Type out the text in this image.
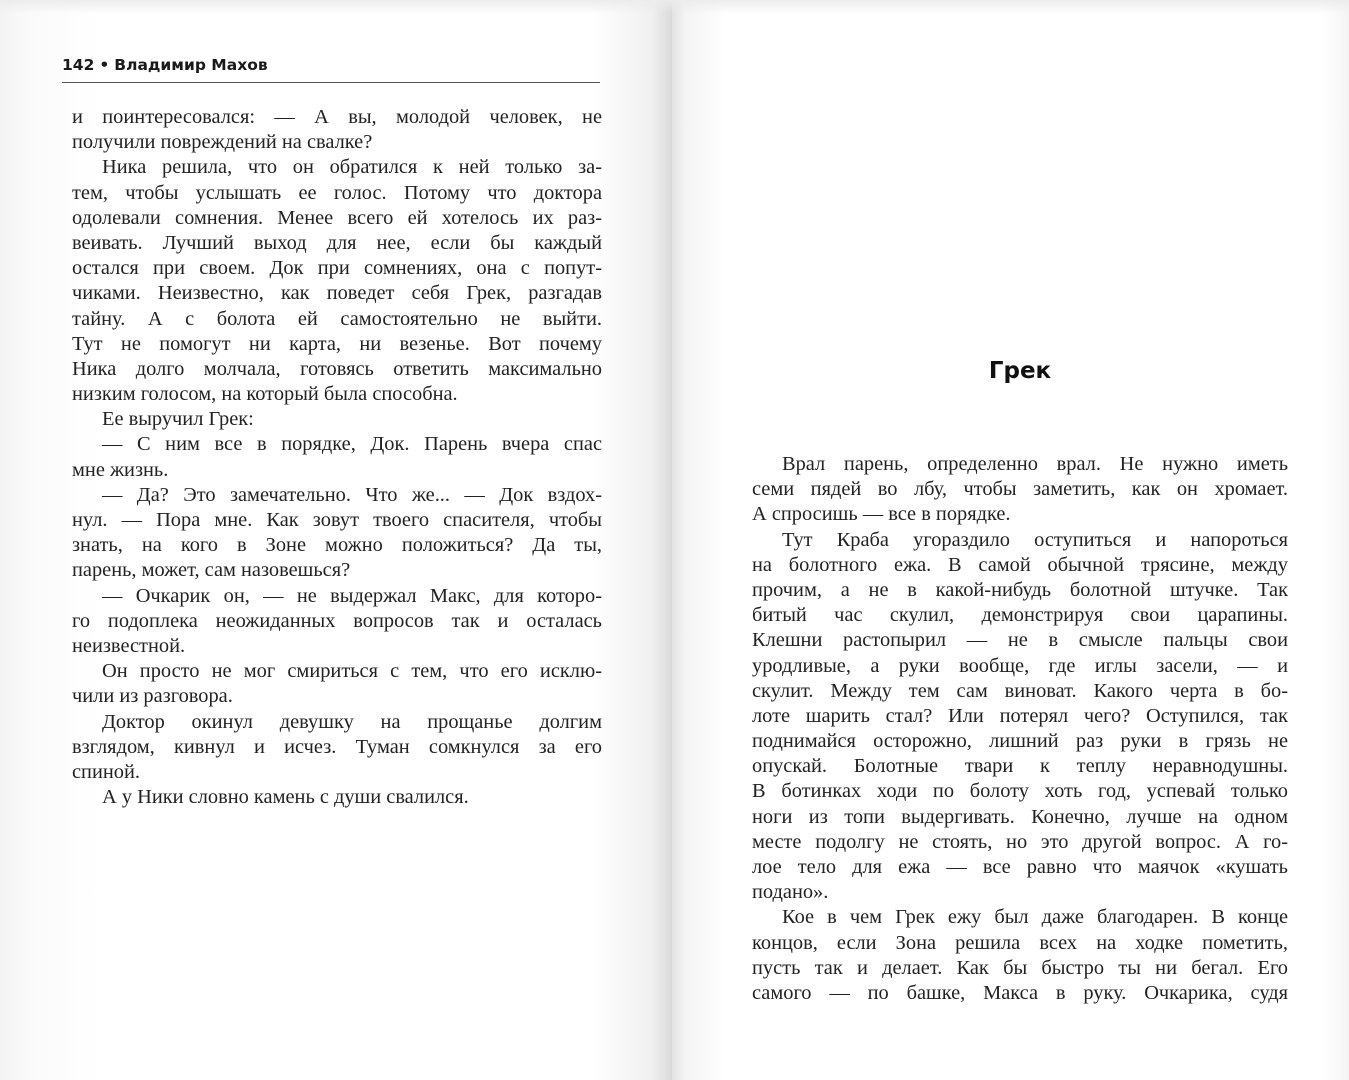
142 • Владимир Махов
и поинтересовался: — А вы, молодой человек, не
получили повреждений на свалке?
Ника решила, что он обратился к ней только за-
тем, чтобы услышать ее голос. Потому что доктора
одолевали сомнения. Менее всего ей хотелось их раз-
веивать. Лучший выход для нее, если бы каждый
остался при своем. Док при сомнениях, она с попут-
чиками. Неизвестно, как поведет себя Грек, разгадав
тайну. А с болота ей самостоятельно не выйти.
Тут не помогут ни карта, ни везенье. Вот почему
Ника долго молчала, готовясь ответить максимально
низким голосом, на который была способна.
Ее выручил Грек:
— С ним все в порядке, Док. Парень вчера спас
мне жизнь.
— Да? Это замечательно. Что же... — Док вздох-
нул. — Пора мне. Как зовут твоего спасителя, чтобы
знать, на кого в Зоне можно положиться? Да ты,
парень, может, сам назовешься?
— Очкарик он, — не выдержал Макс, для которо-
го подоплека неожиданных вопросов так и осталась
неизвестной.
Он просто не мог смириться с тем, что его исклю-
чили из разговора.
Доктор окинул девушку на прощанье долгим
взглядом, кивнул и исчез. Туман сомкнулся за его
спиной.
А у Ники словно камень с души свалился.
Грек
Врал парень, определенно врал. Не нужно иметь
семи пядей во лбу, чтобы заметить, как он хромает.
А спросишь — все в порядке.
Тут Краба угораздило оступиться и напороться
на болотного ежа. В самой обычной трясине, между
прочим, а не в какой-нибудь болотной штучке. Так
битый час скулил, демонстрируя свои царапины.
Клешни растопырил — не в смысле пальцы свои
уродливые, а руки вообще, где иглы засели, — и
скулит. Между тем сам виноват. Какого черта в бо-
лоте шарить стал? Или потерял чего? Оступился, так
поднимайся осторожно, лишний раз руки в грязь не
опускай. Болотные твари к теплу неравнодушны.
В ботинках ходи по болоту хоть год, успевай только
ноги из топи выдергивать. Конечно, лучше на одном
месте подолгу не стоять, но это другой вопрос. А го-
лое тело для ежа — все равно что маячок «кушать
подано».
Кое в чем Грек ежу был даже благодарен. В конце
концов, если Зона решила всех на ходке пометить,
пусть так и делает. Как бы быстро ты ни бегал. Его
самого — по башке, Макса в руку. Очкарика, судя
